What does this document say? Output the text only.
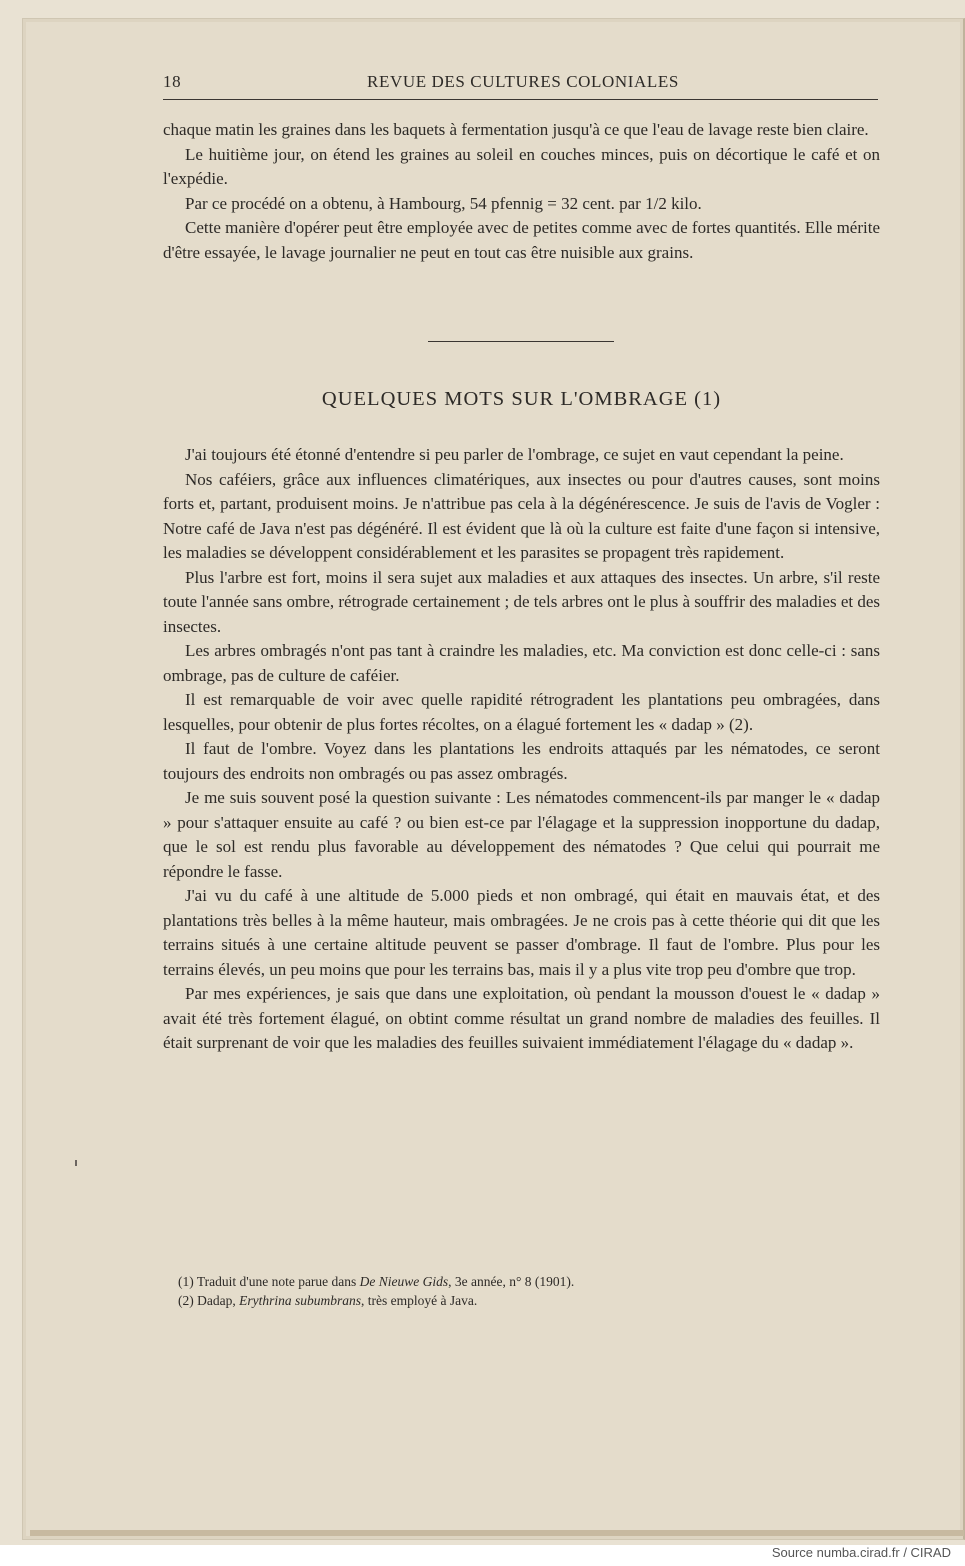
18	REVUE DES CULTURES COLONIALES

chaque matin les graines dans les baquets à fermentation jusqu'à ce que l'eau de lavage reste bien claire.

Le huitième jour, on étend les graines au soleil en couches minces, puis on décortique le café et on l'expédie.

Par ce procédé on a obtenu, à Hambourg, 54 pfennig = 32 cent. par 1/2 kilo.

Cette manière d'opérer peut être employée avec de petites comme avec de fortes quantités. Elle mérite d'être essayée, le lavage journalier ne peut en tout cas être nuisible aux grains.

QUELQUES MOTS SUR L'OMBRAGE (1)

J'ai toujours été étonné d'entendre si peu parler de l'ombrage, ce sujet en vaut cependant la peine.

Nos caféiers, grâce aux influences climatériques, aux insectes ou pour d'autres causes, sont moins forts et, partant, produisent moins. Je n'attribue pas cela à la dégénérescence. Je suis de l'avis de Vogler : Notre café de Java n'est pas dégénéré. Il est évident que là où la culture est faite d'une façon si intensive, les maladies se développent considérablement et les parasites se propagent très rapidement.

Plus l'arbre est fort, moins il sera sujet aux maladies et aux attaques des insectes. Un arbre, s'il reste toute l'année sans ombre, rétrograde certainement ; de tels arbres ont le plus à souffrir des maladies et des insectes.

Les arbres ombragés n'ont pas tant à craindre les maladies, etc. Ma conviction est donc celle-ci : sans ombrage, pas de culture de caféier.

Il est remarquable de voir avec quelle rapidité rétrogradent les plantations peu ombragées, dans lesquelles, pour obtenir de plus fortes récoltes, on a élagué fortement les « dadap » (2).

Il faut de l'ombre. Voyez dans les plantations les endroits attaqués par les nématodes, ce seront toujours des endroits non ombragés ou pas assez ombragés.

Je me suis souvent posé la question suivante : Les nématodes commencent-ils par manger le « dadap » pour s'attaquer ensuite au café ? ou bien est-ce par l'élagage et la suppression inopportune du dadap, que le sol est rendu plus favorable au développement des nématodes ? Que celui qui pourrait me répondre le fasse.

J'ai vu du café à une altitude de 5.000 pieds et non ombragé, qui était en mauvais état, et des plantations très belles à la même hauteur, mais ombragées. Je ne crois pas à cette théorie qui dit que les terrains situés à une certaine altitude peuvent se passer d'ombrage. Il faut de l'ombre. Plus pour les terrains élevés, un peu moins que pour les terrains bas, mais il y a plus vite trop peu d'ombre que trop.

Par mes expériences, je sais que dans une exploitation, où pendant la mousson d'ouest le « dadap » avait été très fortement élagué, on obtint comme résultat un grand nombre de maladies des feuilles. Il était surprenant de voir que les maladies des feuilles suivaient immédiatement l'élagage du « dadap ».

(1) Traduit d'une note parue dans De Nieuwe Gids, 3e année, n° 8 (1901).
(2) Dadap, Erythrina subumbrans, très employé à Java.
Source numba.cirad.fr / CIRAD
